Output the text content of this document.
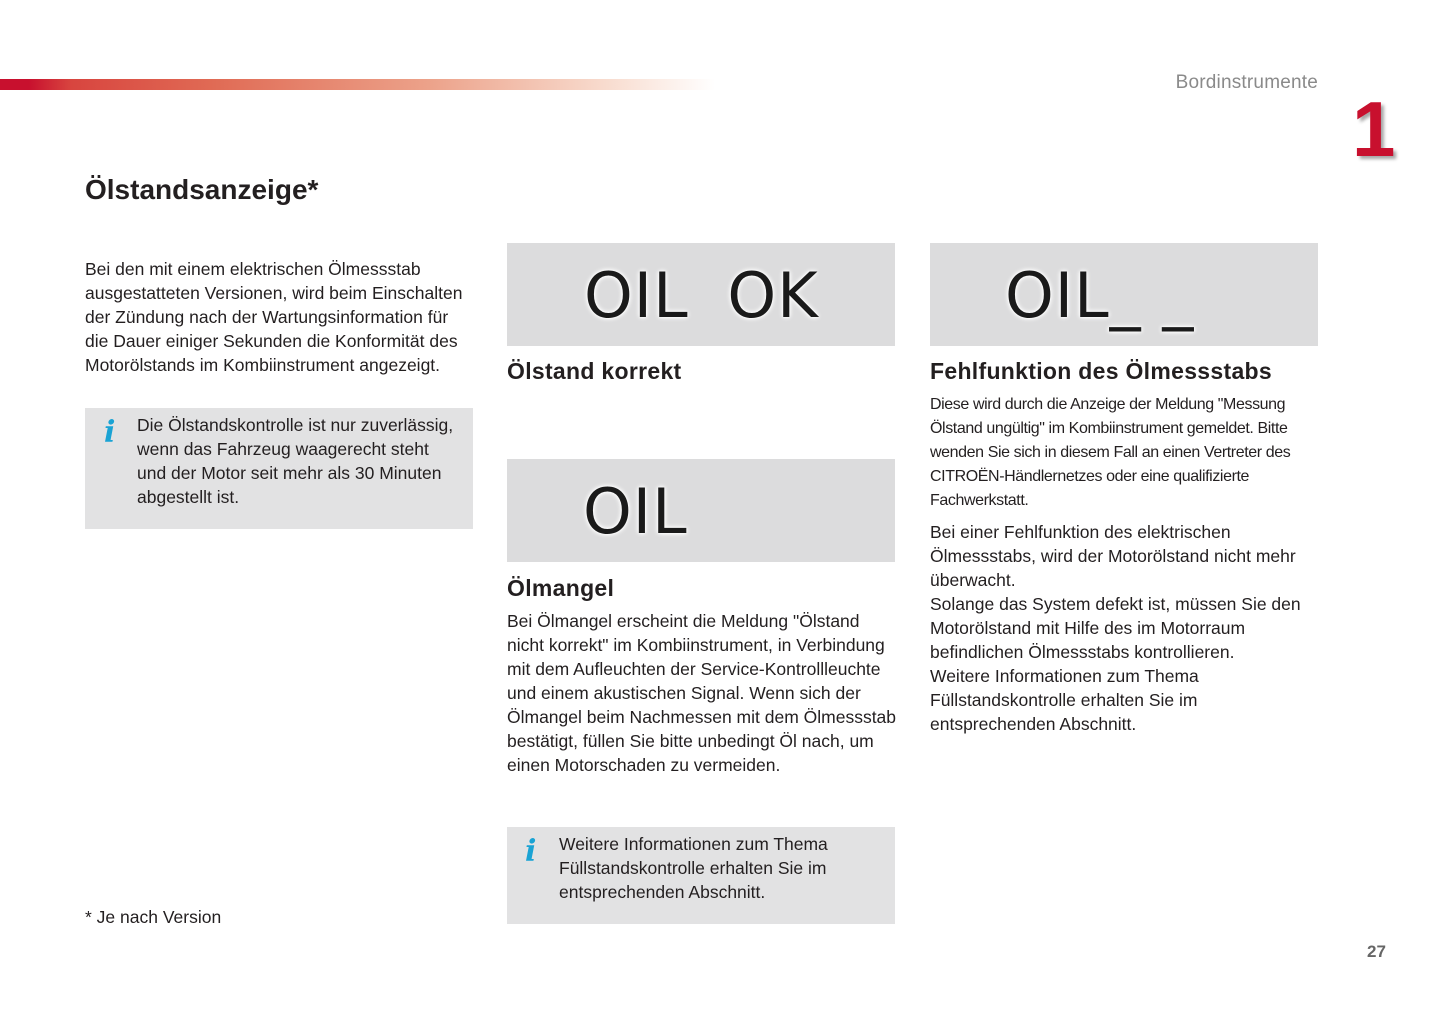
Bordinstrumente
1
Ölstandsanzeige*

Bei den mit einem elektrischen Ölmessstab ausgestatteten Versionen, wird beim Einschalten der Zündung nach der Wartungsinformation für die Dauer einiger Sekunden die Konformität des Motorölstands im Kombiinstrument angezeigt.

i Die Ölstandskontrolle ist nur zuverlässig, wenn das Fahrzeug waagerecht steht und der Motor seit mehr als 30 Minuten abgestellt ist.
OIL OK
Ölstand korrekt
OIL
Ölmangel

Bei Ölmangel erscheint die Meldung "Ölstand nicht korrekt" im Kombiinstrument, in Verbindung mit dem Aufleuchten der Service-Kontrollleuchte und einem akustischen Signal. Wenn sich der Ölmangel beim Nachmessen mit dem Ölmessstab bestätigt, füllen Sie bitte unbedingt Öl nach, um einen Motorschaden zu vermeiden.

i Weitere Informationen zum Thema Füllstandskontrolle erhalten Sie im entsprechenden Abschnitt.
OIL_ _
Fehlfunktion des Ölmessstabs

Diese wird durch die Anzeige der Meldung "Messung Ölstand ungültig" im Kombiinstrument gemeldet. Bitte wenden Sie sich in diesem Fall an einen Vertreter des CITROËN-Händlernetzes oder eine qualifizierte Fachwerkstatt.

Bei einer Fehlfunktion des elektrischen Ölmessstabs, wird der Motorölstand nicht mehr überwacht.
Solange das System defekt ist, müssen Sie den Motorölstand mit Hilfe des im Motorraum befindlichen Ölmessstabs kontrollieren.
Weitere Informationen zum Thema Füllstandskontrolle erhalten Sie im entsprechenden Abschnitt.
* Je nach Version
27
